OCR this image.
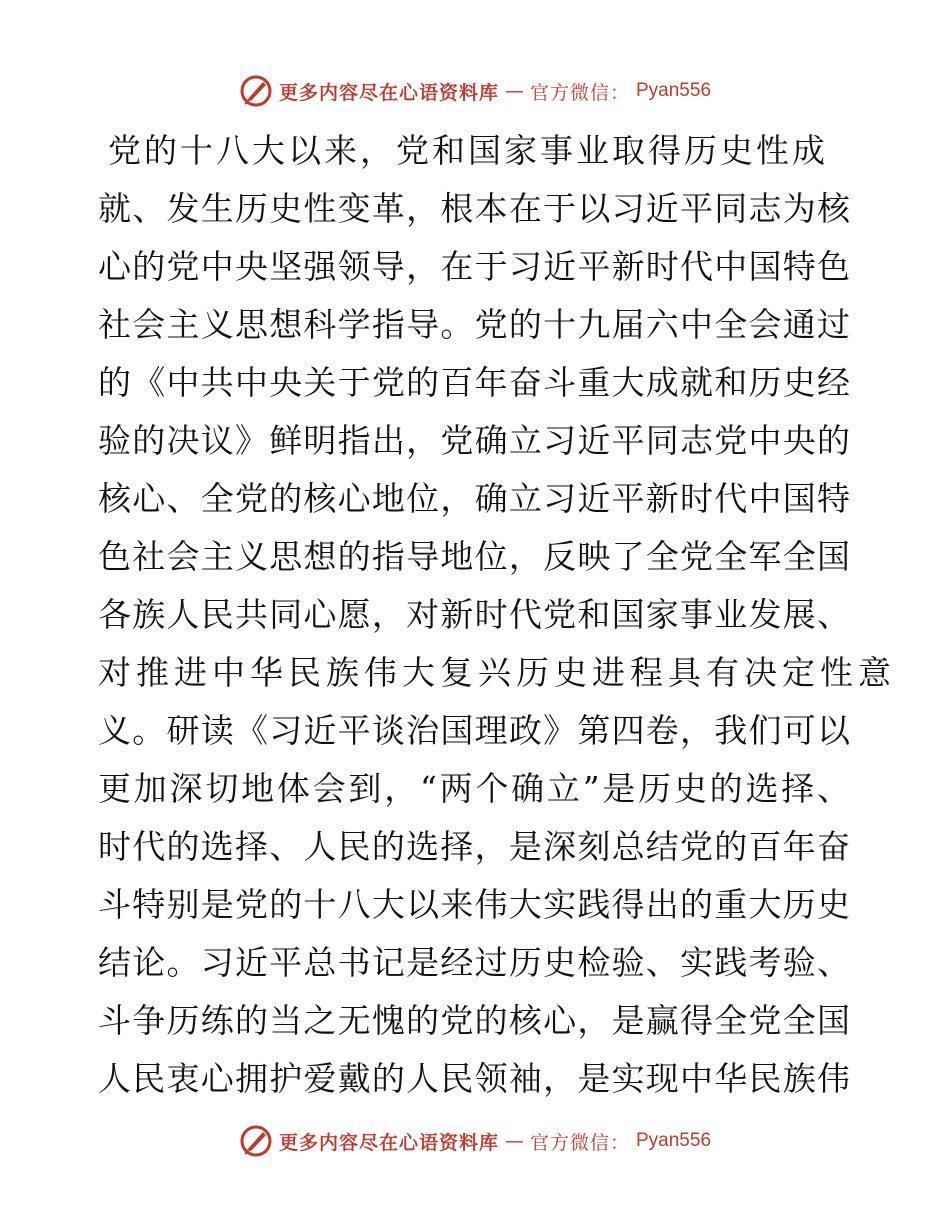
更多内容尽在心语资料库 — 官方微信： Pyan556
党的十八大以来，党和国家事业取得历史性成
就、发生历史性变革，根本在于以习近平同志为核
心的党中央坚强领导，在于习近平新时代中国特色
社会主义思想科学指导。党的十九届六中全会通过
的《中共中央关于党的百年奋斗重大成就和历史经
验的决议》鲜明指出，党确立习近平同志党中央的
核心、全党的核心地位，确立习近平新时代中国特
色社会主义思想的指导地位，反映了全党全军全国
各族人民共同心愿，对新时代党和国家事业发展、
对推进中华民族伟大复兴历史进程具有决定性意
义。研读《习近平谈治国理政》第四卷，我们可以
更加深切地体会到，“两个确立”是历史的选择、
时代的选择、人民的选择，是深刻总结党的百年奋
斗特别是党的十八大以来伟大实践得出的重大历史
结论。习近平总书记是经过历史检验、实践考验、
斗争历练的当之无愧的党的核心，是赢得全党全国
人民衷心拥护爱戴的人民领袖，是实现中华民族伟
更多内容尽在心语资料库 — 官方微信： Pyan556
